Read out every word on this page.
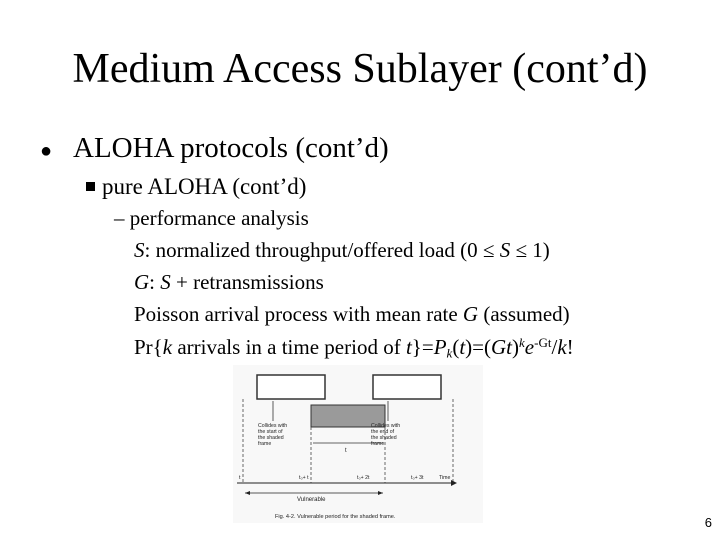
Medium Access Sublayer (cont’d)
● ALOHA protocols (cont’d)
pure ALOHA (cont’d)
– performance analysis
S: normalized throughput/offered load (0 ≤ S ≤ 1)
G: S + retransmissions
Poisson arrival process with mean rate G (assumed)
Pr{k arrivals in a time period of $t\}=P_k(t)=(Gt)^ke^{-Gt}/k$!
Collides with
the start of
the shaded
frame
Collides with
the end of
the shaded
frame
t
t	t₀+ t	t₀+ 2t	t₀+ 3t	Time
Vulnerable
Fig. 4-2. Vulnerable period for the shaded frame.	6
